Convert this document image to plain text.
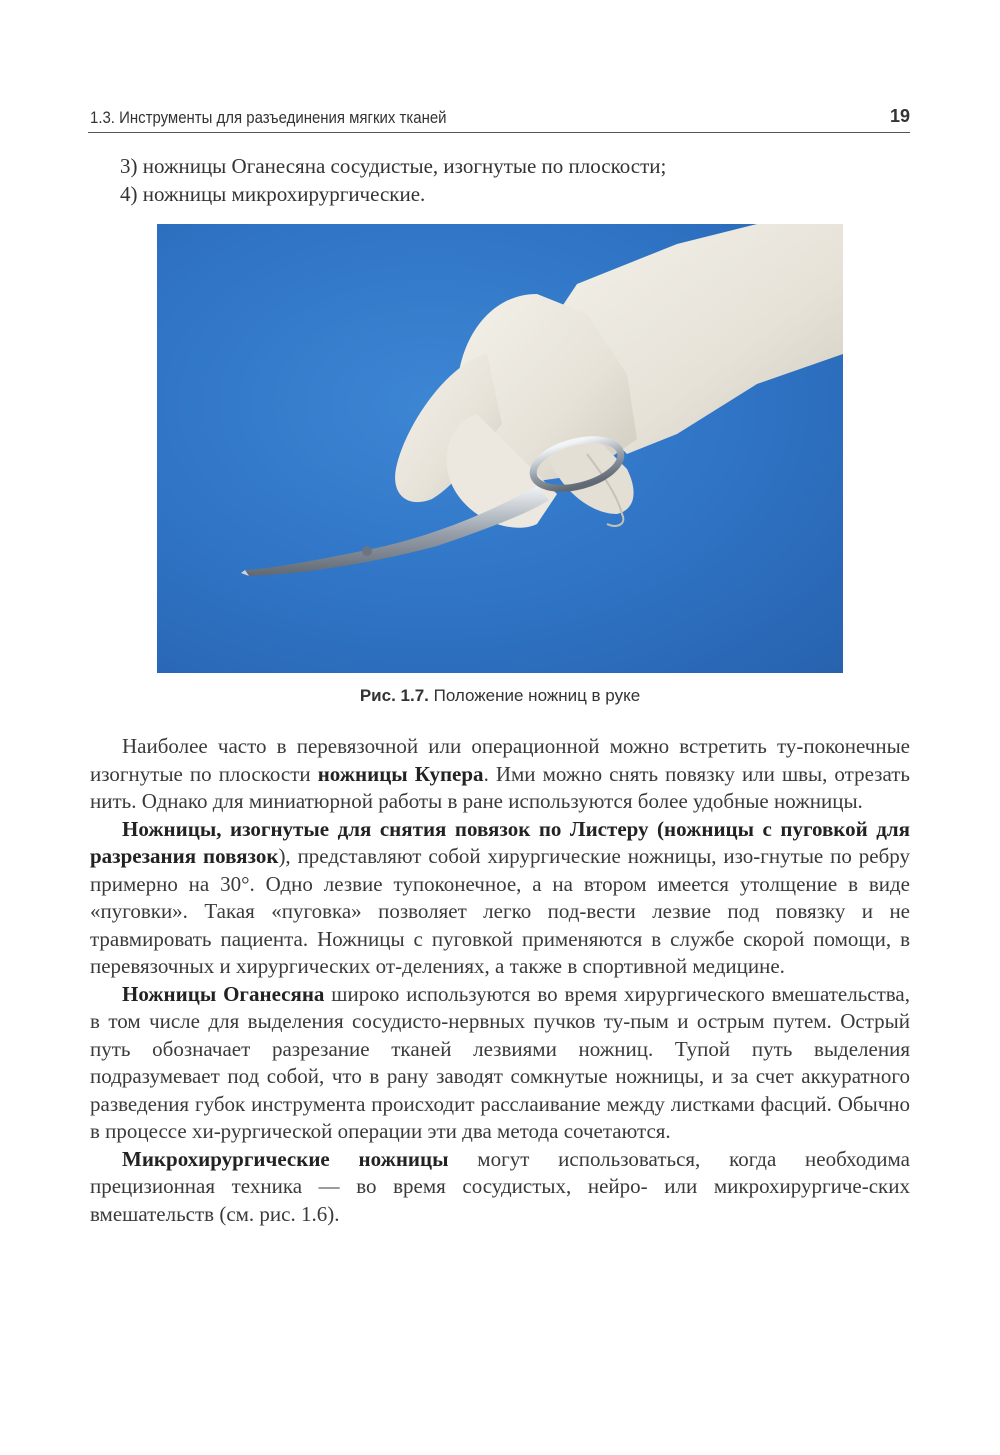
1.3. Инструменты для разъединения мягких тканей	19
3) ножницы Оганесяна сосудистые, изогнутые по плоскости;
4) ножницы микрохирургические.
Рис. 1.7. Положение ножниц в руке

Наиболее часто в перевязочной или операционной можно встретить ту-поконечные изогнутые по плоскости ножницы Купера. Ими можно снять повязку или швы, отрезать нить. Однако для миниатюрной работы в ране используются более удобные ножницы.

Ножницы, изогнутые для снятия повязок по Листеру (ножницы с пуговкой для разрезания повязок), представляют собой хирургические ножницы, изо-гнутые по ребру примерно на 30°. Одно лезвие тупоконечное, а на втором имеется утолщение в виде «пуговки». Такая «пуговка» позволяет легко под-вести лезвие под повязку и не травмировать пациента. Ножницы с пуговкой применяются в службе скорой помощи, в перевязочных и хирургических от-делениях, а также в спортивной медицине.

Ножницы Оганесяна широко используются во время хирургического вмешательства, в том числе для выделения сосудисто-нервных пучков ту-пым и острым путем. Острый путь обозначает разрезание тканей лезвиями ножниц. Тупой путь выделения подразумевает под собой, что в рану заводят сомкнутые ножницы, и за счет аккуратного разведения губок инструмента происходит расслаивание между листками фасций. Обычно в процессе хи-рургической операции эти два метода сочетаются.

Микрохирургические ножницы могут использоваться, когда необходима прецизионная техника — во время сосудистых, нейро- или микрохирургиче-ских вмешательств (см. рис. 1.6).
